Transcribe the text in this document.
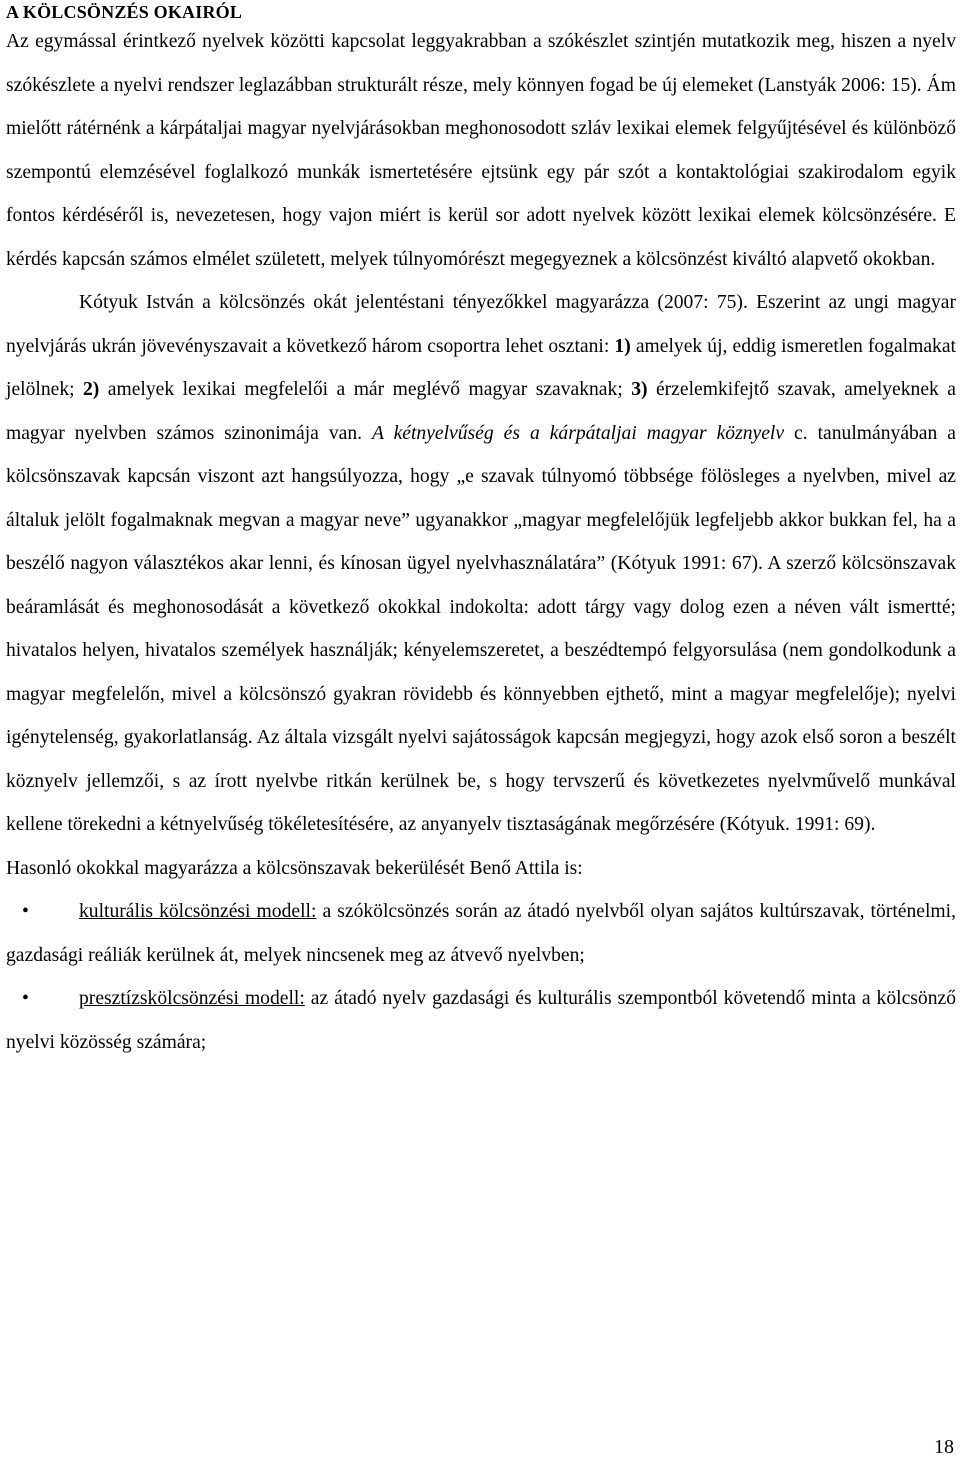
A KÖLCSÖNZÉS OKAIRÓL

Az egymással érintkező nyelvek közötti kapcsolat leggyakrabban a szókészlet szintjén mutatkozik meg, hiszen a nyelv szókészlete a nyelvi rendszer leglazábban strukturált része, mely könnyen fogad be új elemeket (Lanstyák 2006: 15). Ám mielőtt rátérnénk a kárpátaljai magyar nyelvjárásokban meghonosodott szláv lexikai elemek felgyűjtésével és különböző szempontú elemzésével foglalkozó munkák ismertetésére ejtsünk egy pár szót a kontaktológiai szakirodalom egyik fontos kérdéséről is, nevezetesen, hogy vajon miért is kerül sor adott nyelvek között lexikai elemek kölcsönzésére. E kérdés kapcsán számos elmélet született, melyek túlnyomórészt megegyeznek a kölcsönzést kiváltó alapvető okokban.

Kótyuk István a kölcsönzés okát jelentéstani tényezőkkel magyarázza (2007: 75). Eszerint az ungi magyar nyelvjárás ukrán jövevényszavait a következő három csoportra lehet osztani: 1) amelyek új, eddig ismeretlen fogalmakat jelölnek; 2) amelyek lexikai megfelelői a már meglévő magyar szavaknak; 3) érzelemkifejtő szavak, amelyeknek a magyar nyelvben számos szinonimája van. A kétnyelvűség és a kárpátaljai magyar köznyelv c. tanulmányában a kölcsönszavak kapcsán viszont azt hangsúlyozza, hogy „e szavak túlnyomó többsége fölösleges a nyelvben, mivel az általuk jelölt fogalmaknak megvan a magyar neve” ugyanakkor „magyar megfelelőjük legfeljebb akkor bukkan fel, ha a beszélő nagyon választékos akar lenni, és kínosan ügyel nyelvhasználatára” (Kótyuk 1991: 67). A szerző kölcsönszavak beáramlását és meghonosodását a következő okokkal indokolta: adott tárgy vagy dolog ezen a néven vált ismertté; hivatalos helyen, hivatalos személyek használják; kényelemszeretet, a beszédtempó felgyorsulása (nem gondolkodunk a magyar megfelelőn, mivel a kölcsönszó gyakran rövidebb és könnyebben ejthető, mint a magyar megfelelője); nyelvi igénytelenség, gyakorlatlanság. Az általa vizsgált nyelvi sajátosságok kapcsán megjegyzi, hogy azok első soron a beszélt köznyelv jellemzői, s az írott nyelvbe ritkán kerülnek be, s hogy tervszerű és következetes nyelvművelő munkával kellene törekedni a kétnyelvűség tökéletesítésére, az anyanyelv tisztaságának megőrzésére (Kótyuk. 1991: 69).

Hasonló okokkal magyarázza a kölcsönszavak bekerülését Benő Attila is:

•	kulturális kölcsönzési modell: a szókölcsönzés során az átadó nyelvből olyan sajátos kultúrszavak, történelmi, gazdasági reáliák kerülnek át, melyek nincsenek meg az átvevő nyelvben;

•	presztízskölcsönzési modell: az átadó nyelv gazdasági és kulturális szempontból követendő minta a kölcsönző nyelvi közösség számára;

18
